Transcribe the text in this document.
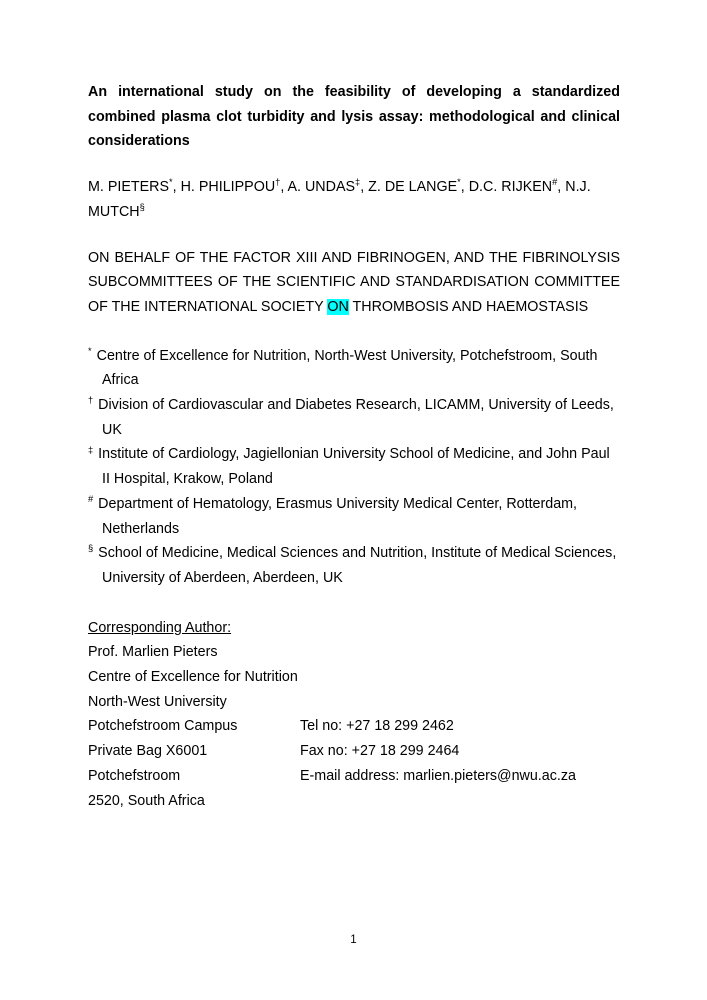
An international study on the feasibility of developing a standardized combined plasma clot turbidity and lysis assay: methodological and clinical considerations

M. PIETERS*, H. PHILIPPOU†, A. UNDAS‡, Z. DE LANGE*, D.C. RIJKEN#, N.J. MUTCH§

ON BEHALF OF THE FACTOR XIII AND FIBRINOGEN, AND THE FIBRINOLYSIS SUBCOMMITTEES OF THE SCIENTIFIC AND STANDARDISATION COMMITTEE OF THE INTERNATIONAL SOCIETY ON THROMBOSIS AND HAEMOSTASIS

* Centre of Excellence for Nutrition, North-West University, Potchefstroom, South Africa
† Division of Cardiovascular and Diabetes Research, LICAMM, University of Leeds, UK
‡ Institute of Cardiology, Jagiellonian University School of Medicine, and John Paul II Hospital, Krakow, Poland
# Department of Hematology, Erasmus University Medical Center, Rotterdam, Netherlands
§ School of Medicine, Medical Sciences and Nutrition, Institute of Medical Sciences, University of Aberdeen, Aberdeen, UK

Corresponding Author:

Prof. Marlien Pieters

Centre of Excellence for Nutrition

North-West University

Potchefstroom Campus	Tel no: +27 18 299 2462
Private Bag X6001	Fax no: +27 18 299 2464
Potchefstroom	E-mail address: marlien.pieters@nwu.ac.za
2520, South Africa
1
